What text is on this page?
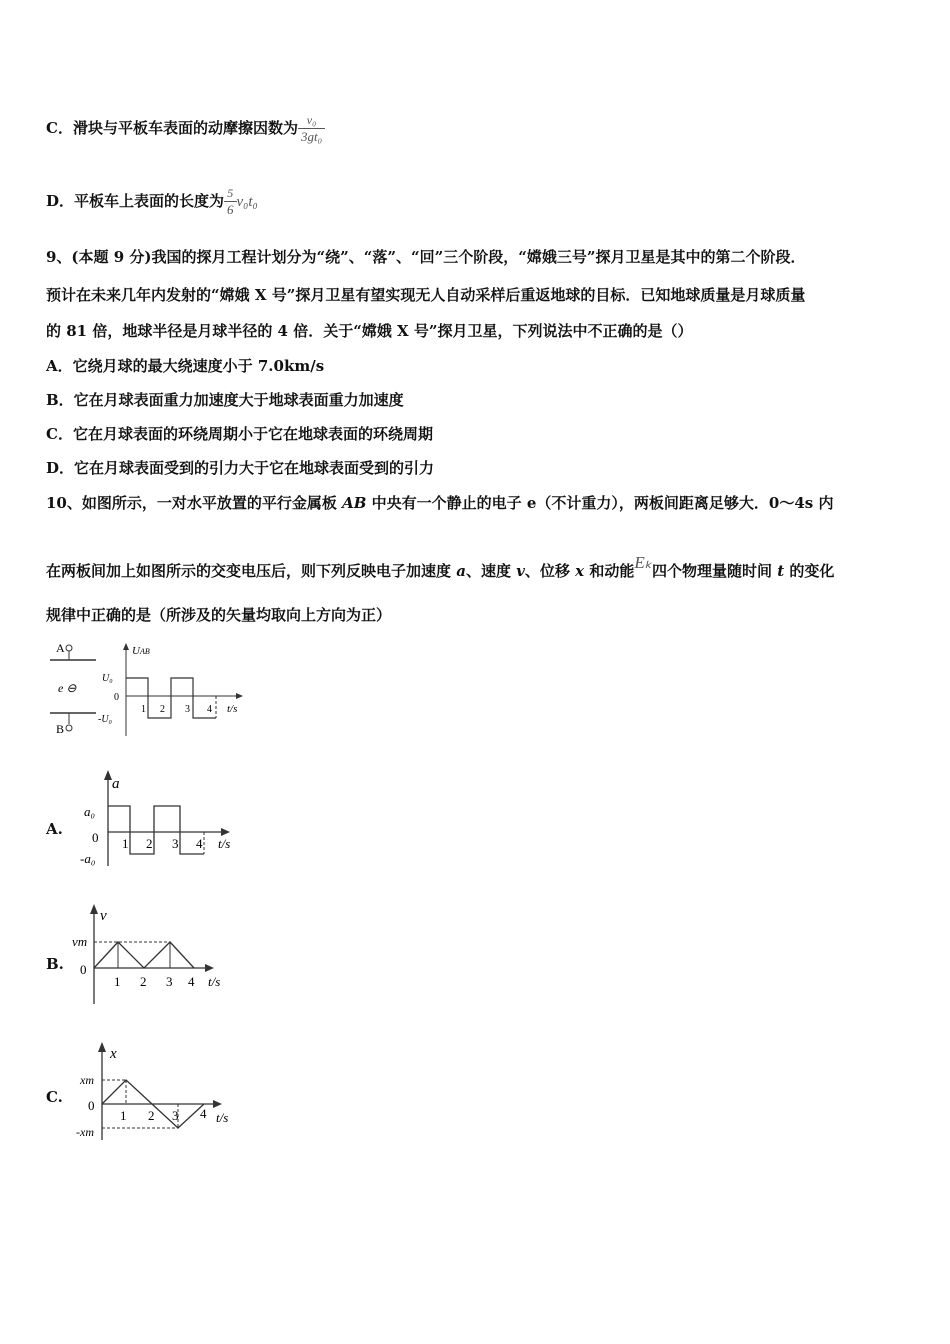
C．滑块与平板车表面的动摩擦因数为 $\frac{\text{v₀}}{\text{3gt₀}}$
D．平板车上表面的长度为 $\frac{5}{6} v_0t_0$
9、(本题 9 分)我国的探月工程计划分为“绕”、“落”、“回”三个阶段，“嫦娥三号”探月卫星是其中的第二个阶段．
预计在未来几年内发射的“嫦娥 X 号”探月卫星有望实现无人自动采样后重返地球的目标．已知地球质量是月球质量
的 81 倍，地球半径是月球半径的 4 倍．关于“嫦娥 X 号”探月卫星，下列说法中不正确的是（）
A．它绕月球的最大绕速度小于 7.0km/s
B．它在月球表面重力加速度大于地球表面重力加速度
C．它在月球表面的环绕周期小于它在地球表面的环绕周期
D．它在月球表面受到的引力大于它在地球表面受到的引力
10、如图所示，一对水平放置的平行金属板 AB 中央有一个静止的电子 e（不计重力），两板间距离足够大．0～4s 内
在两板间加上如图所示的交变电压后，则下列反映电子加速度 a、速度 v、位移 x 和动能Eₖ四个物理量随时间 t 的变化
规律中正确的是（所涉及的矢量均取向上方向为正）
A
e ⊖
B
UAB
U₀
0
-U₀
1 2 3 4 t/s
A.
a
a₀
0
-a₀
1 2 3 4 t/s
B.
v
vm
0
1 2 3 4 t/s
C.
x
xm
0
-xm
1 2 3 4 t/s
